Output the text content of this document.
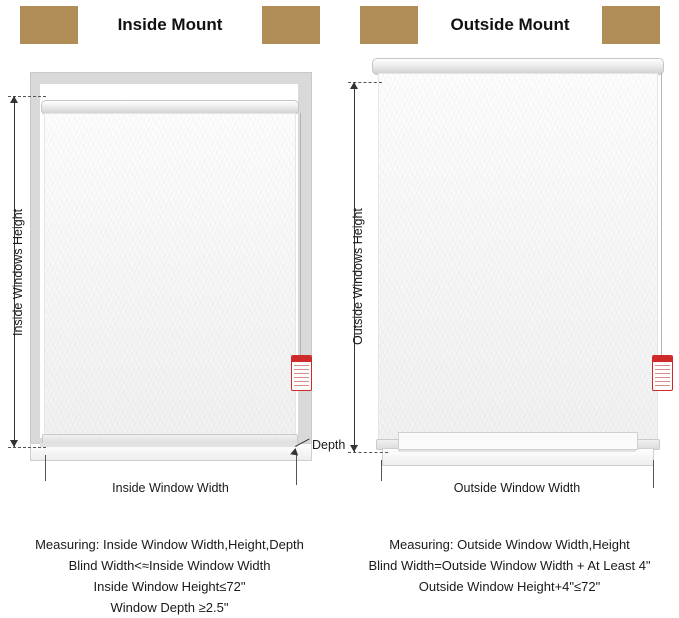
Inside Mount
Inside Windows Height
Inside Window Width
Depth
Measuring: Inside Window Width,Height,Depth
Blind Width<≈Inside Window Width
Inside Window Height≤72"
Window Depth ≥2.5"
Outside Mount
Outside Windows Height
Outside Window Width
Measuring: Outside Window Width,Height
Blind Width=Outside Window Width + At Least 4"
Outside Window Height+4"≤72"
